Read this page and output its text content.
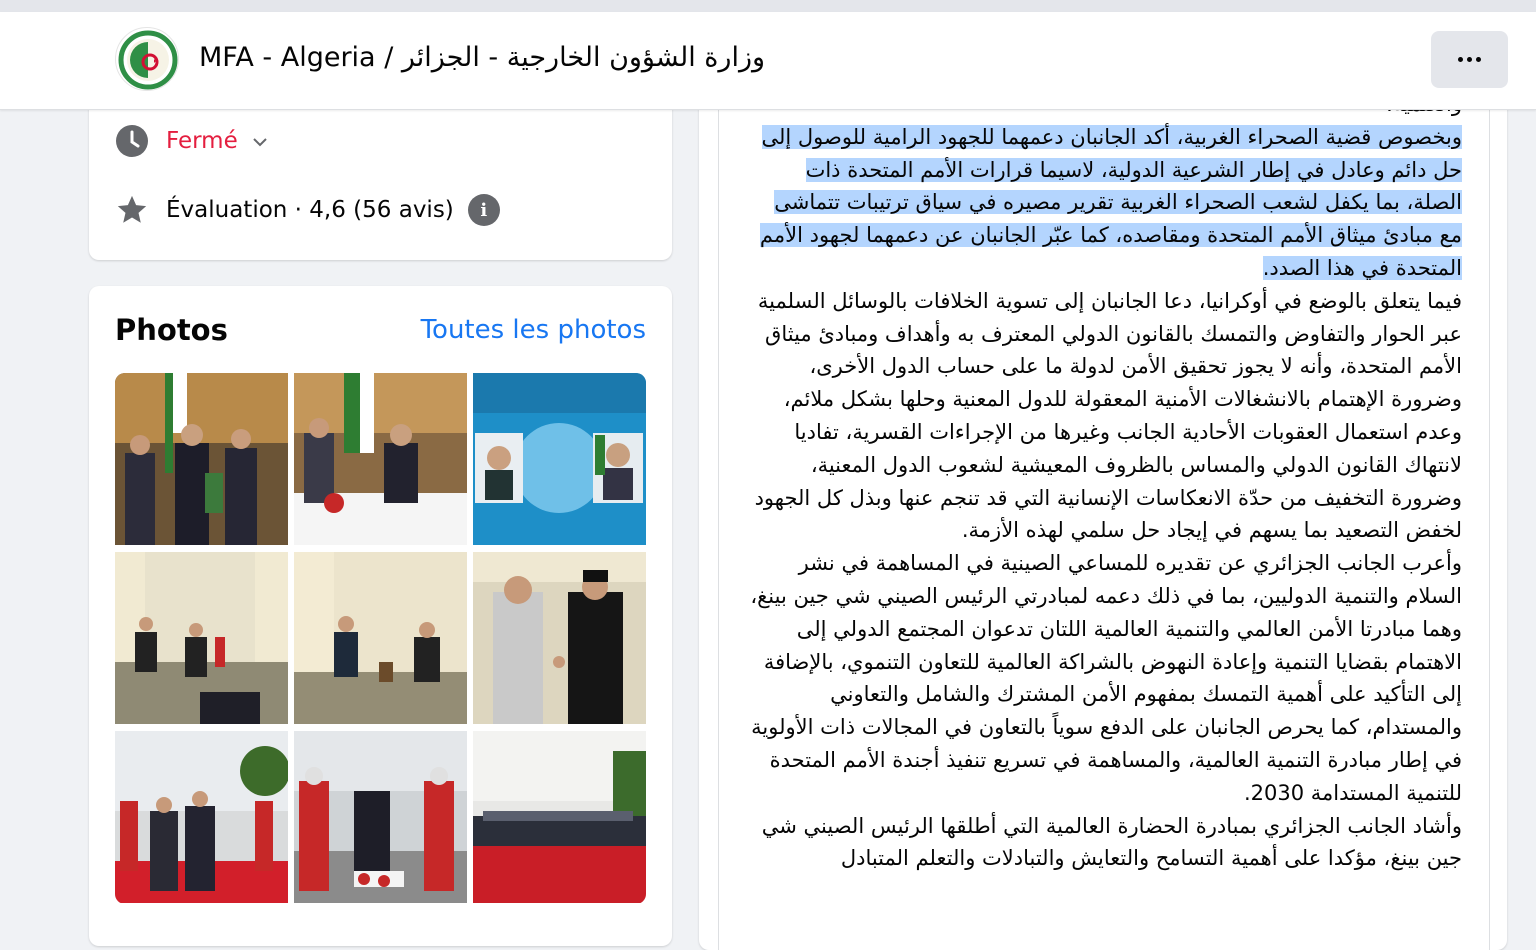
وزارة الشؤون الخارجية - الجزائر / MFA - Algeria
Fermé
Évaluation · 4,6 (56 avis)	i
Photos	Toutes les photos

وبخصوص قضية الصحراء الغربية، أكد الجانبان دعمهما للجهود الرامية للوصول إلى حل دائم وعادل في إطار الشرعية الدولية، لاسيما قرارات الأمم المتحدة ذات الصلة، بما يكفل لشعب الصحراء الغربية تقرير مصيره في سياق ترتيبات تتماشى مع مبادئ ميثاق الأمم المتحدة ومقاصده، كما عبّر الجانبان عن دعمهما لجهود الأمم المتحدة في هذا الصدد.

فيما يتعلق بالوضع في أوكرانيا، دعا الجانبان إلى تسوية الخلافات بالوسائل السلمية عبر الحوار والتفاوض والتمسك بالقانون الدولي المعترف به وأهداف ومبادئ ميثاق الأمم المتحدة، وأنه لا يجوز تحقيق الأمن لدولة ما على حساب الدول الأخرى، وضرورة الإهتمام بالانشغالات الأمنية المعقولة للدول المعنية وحلها بشكل ملائم، وعدم استعمال العقوبات الأحادية الجانب وغيرها من الإجراءات القسرية، تفاديا لانتهاك القانون الدولي والمساس بالظروف المعيشية لشعوب الدول المعنية، وضرورة التخفيف من حدّة الانعكاسات الإنسانية التي قد تنجم عنها وبذل كل الجهود لخفض التصعيد بما يسهم في إيجاد حل سلمي لهذه الأزمة.

وأعرب الجانب الجزائري عن تقديره للمساعي الصينية في المساهمة في نشر السلام والتنمية الدوليين، بما في ذلك دعمه لمبادرتي الرئيس الصيني شي جين بينغ، وهما مبادرتا الأمن العالمي والتنمية العالمية اللتان تدعوان المجتمع الدولي إلى الاهتمام بقضايا التنمية وإعادة النهوض بالشراكة العالمية للتعاون التنموي، بالإضافة إلى التأكيد على أهمية التمسك بمفهوم الأمن المشترك والشامل والتعاوني والمستدام، كما يحرص الجانبان على الدفع سوياً بالتعاون في المجالات ذات الأولوية في إطار مبادرة التنمية العالمية، والمساهمة في تسريع تنفيذ أجندة الأمم المتحدة للتنمية المستدامة 2030.

وأشاد الجانب الجزائري بمبادرة الحضارة العالمية التي أطلقها الرئيس الصيني شي جين بينغ، مؤكدا على أهمية التسامح والتعايش والتبادلات والتعلم المتبادل
